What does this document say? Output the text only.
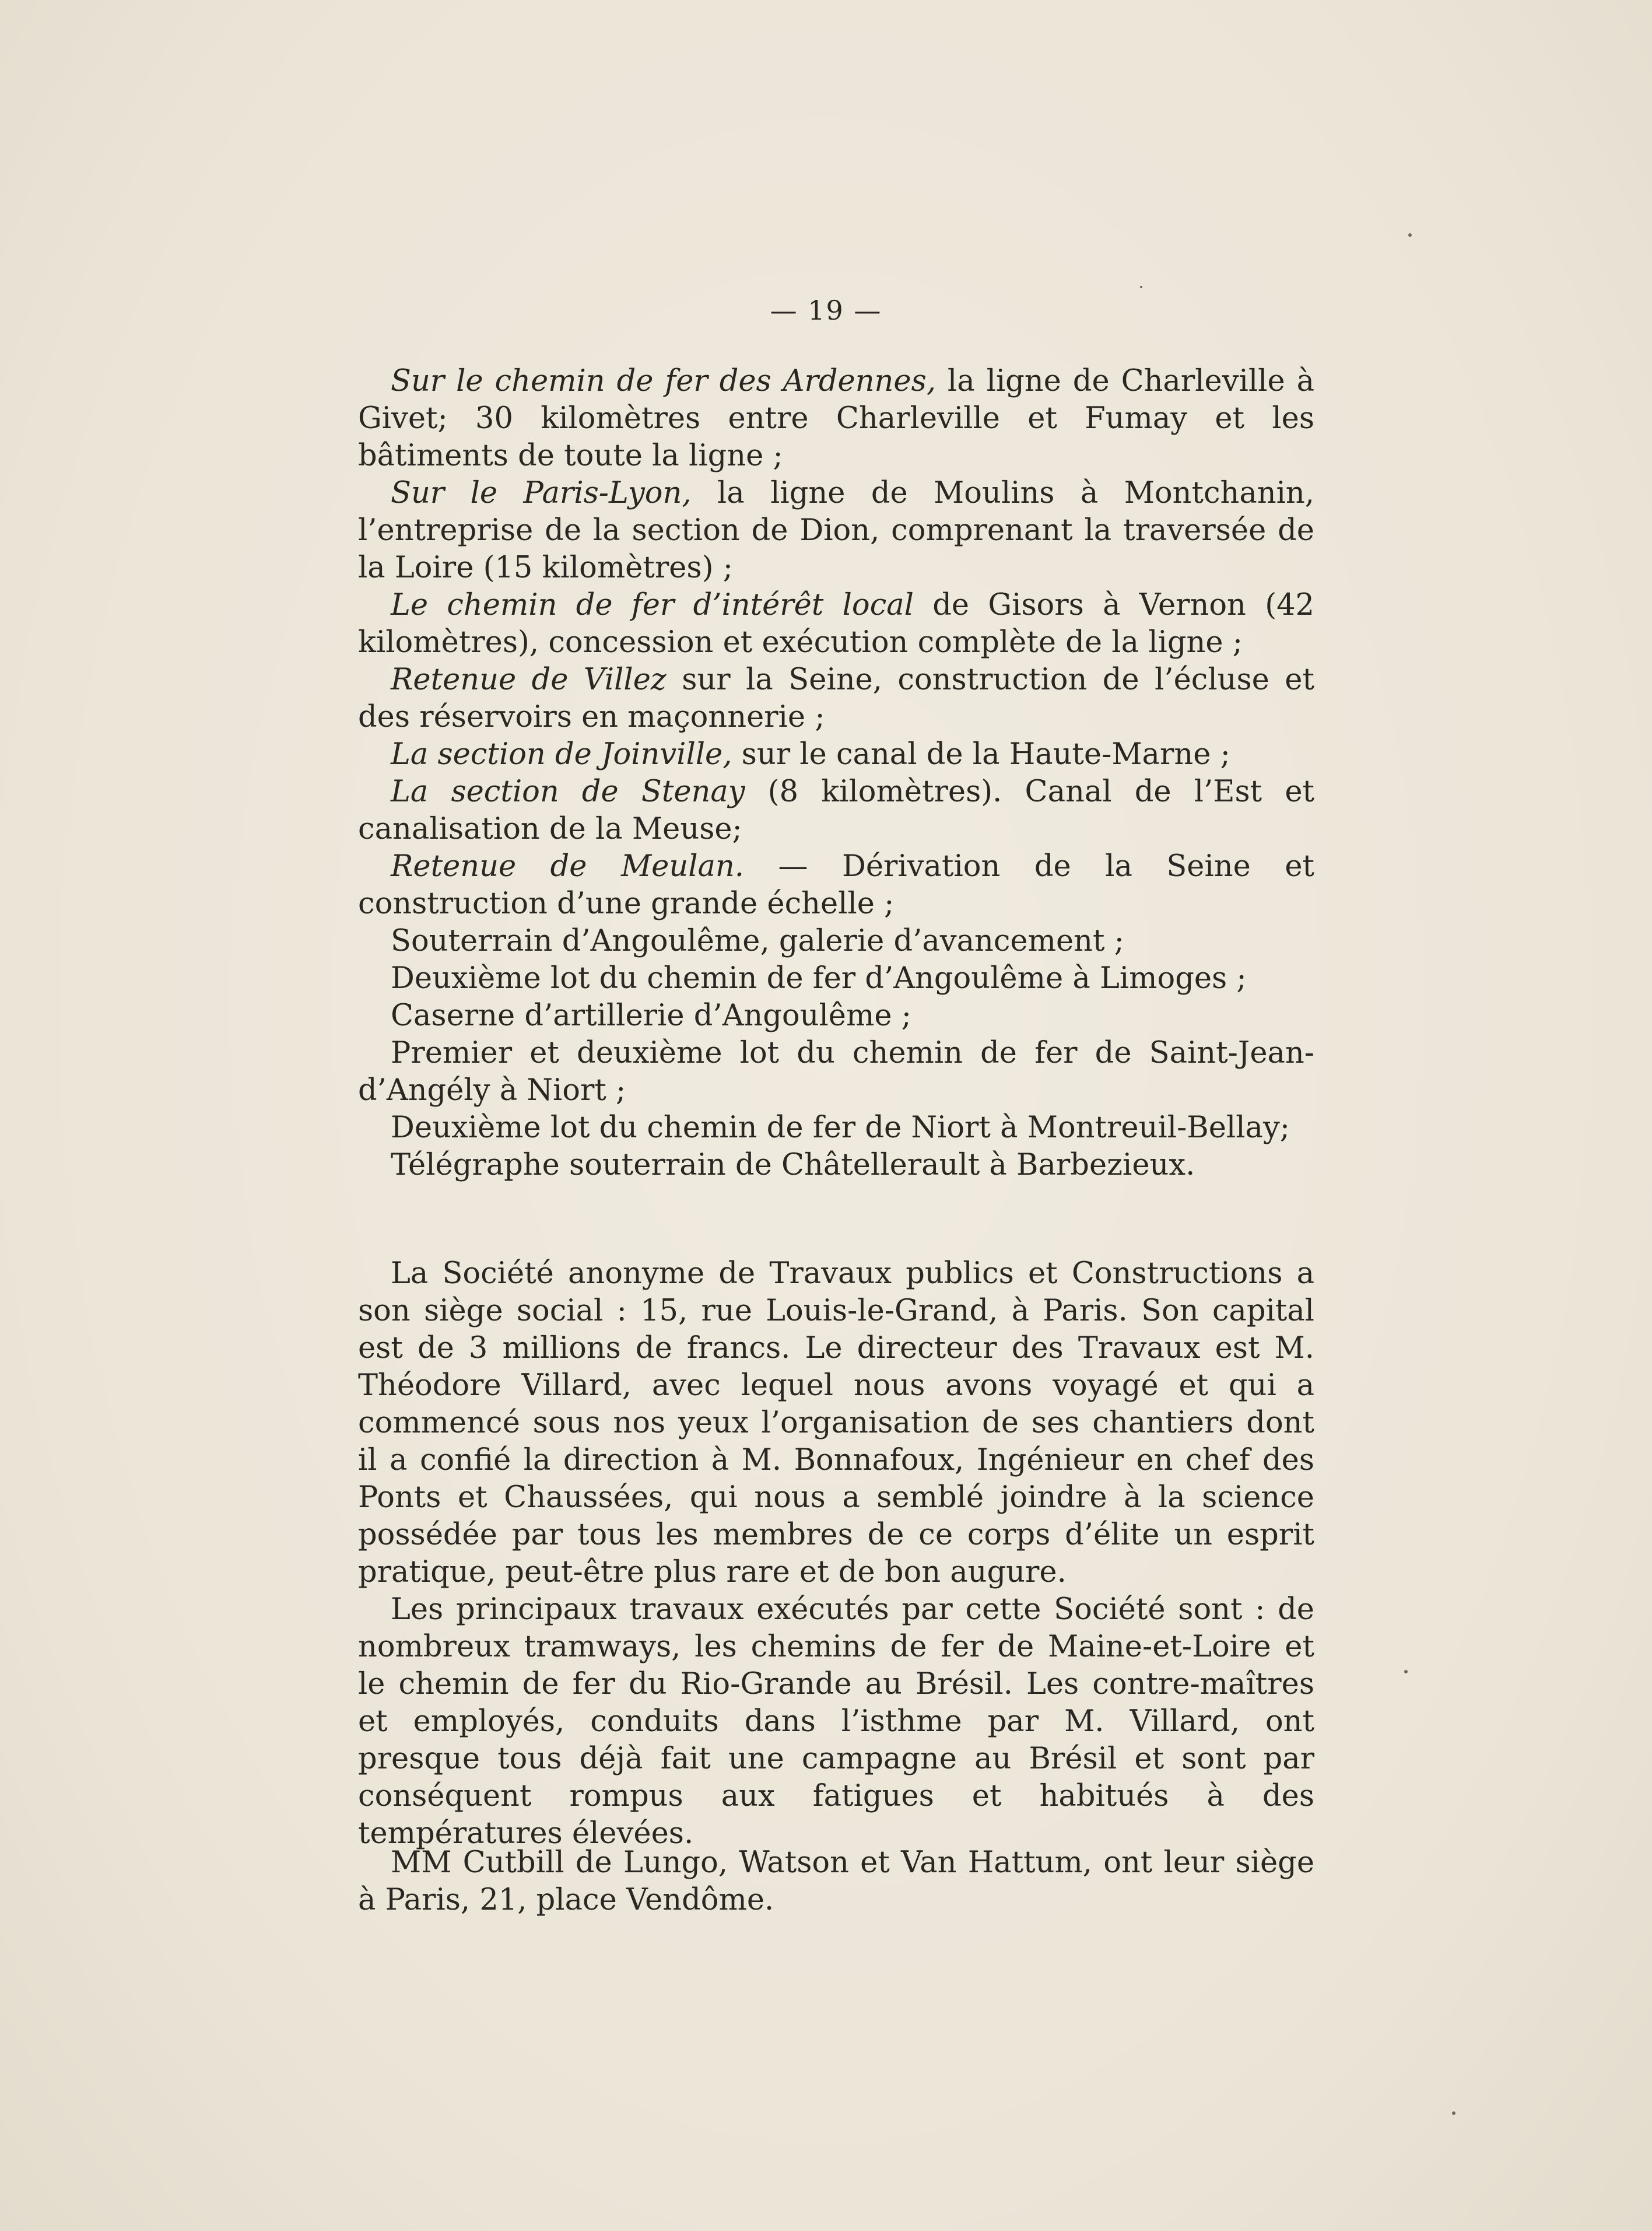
— 19 —

Sur le chemin de fer des Ardennes, la ligne de Charleville à Givet; 30 kilomètres entre Charleville et Fumay et les bâtiments de toute la ligne ;

Sur le Paris-Lyon, la ligne de Moulins à Montchanin, l’entreprise de la section de Dion, comprenant la traversée de la Loire (15 kilomètres) ;

Le chemin de fer d’intérêt local de Gisors à Vernon (42 kilomètres), concession et exécution complète de la ligne ;

Retenue de Villez sur la Seine, construction de l’écluse et des réservoirs en maçonnerie ;

La section de Joinville, sur le canal de la Haute-Marne ;

La section de Stenay (8 kilomètres). Canal de l’Est et canalisation de la Meuse;

Retenue de Meulan. — Dérivation de la Seine et construction d’une grande échelle ;

Souterrain d’Angoulême, galerie d’avancement ;

Deuxième lot du chemin de fer d’Angoulême à Limoges ;

Caserne d’artillerie d’Angoulême ;

Premier et deuxième lot du chemin de fer de Saint-Jean-d’Angély à Niort ;

Deuxième lot du chemin de fer de Niort à Montreuil-Bellay;

Télégraphe souterrain de Châtellerault à Barbezieux.

La Société anonyme de Travaux publics et Constructions a son siège social : 15, rue Louis-le-Grand, à Paris. Son capital est de 3 millions de francs. Le directeur des Travaux est M. Théodore Villard, avec lequel nous avons voyagé et qui a commencé sous nos yeux l’organisation de ses chantiers dont il a confié la direction à M. Bonnafoux, Ingénieur en chef des Ponts et Chaussées, qui nous a semblé joindre à la science possédée par tous les membres de ce corps d’élite un esprit pratique, peut-être plus rare et de bon augure.

Les principaux travaux exécutés par cette Société sont : de nombreux tramways, les chemins de fer de Maine-et-Loire et le chemin de fer du Rio-Grande au Brésil. Les contre-maîtres et employés, conduits dans l’isthme par M. Villard, ont presque tous déjà fait une campagne au Brésil et sont par conséquent rompus aux fatigues et habitués à des températures élevées.

MM Cutbill de Lungo, Watson et Van Hattum, ont leur siège à Paris, 21, place Vendôme.
